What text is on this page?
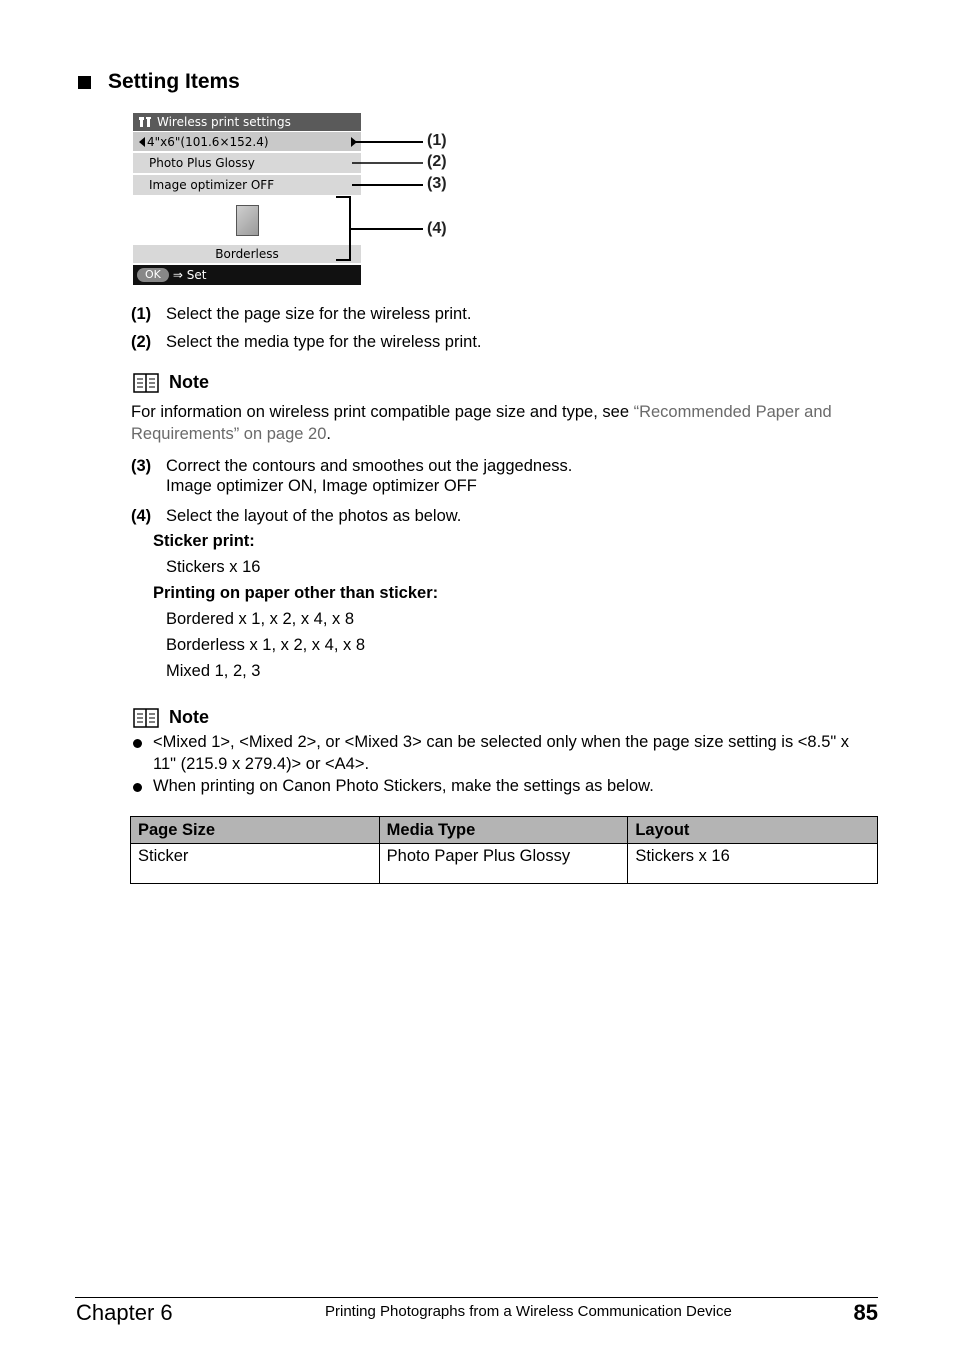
Setting Items
Wireless print settings
4"x6"(101.6×152.4)
Photo Plus Glossy
Image optimizer OFF
Borderless
OK	⇒ Set
(1)
(2)
(3)
(4)
(1) Select the page size for the wireless print.
(2) Select the media type for the wireless print.
Note
For information on wireless print compatible page size and type, see “Recommended Paper and Requirements” on page 20.
(3) Correct the contours and smoothes out the jaggedness.
Image optimizer ON, Image optimizer OFF
(4) Select the layout of the photos as below.
Sticker print:
Stickers x 16
Printing on paper other than sticker:
Bordered x 1, x 2, x 4, x 8
Borderless x 1, x 2, x 4, x 8
Mixed 1, 2, 3
Note
<Mixed 1>, <Mixed 2>, or <Mixed 3> can be selected only when the page size setting is <8.5" x 11" (215.9 x 279.4)> or <A4>.
When printing on Canon Photo Stickers, make the settings as below.
Page Size	Media Type	Layout
Sticker	Photo Paper Plus Glossy	Stickers x 16
Chapter 6	Printing Photographs from a Wireless Communication Device	85
